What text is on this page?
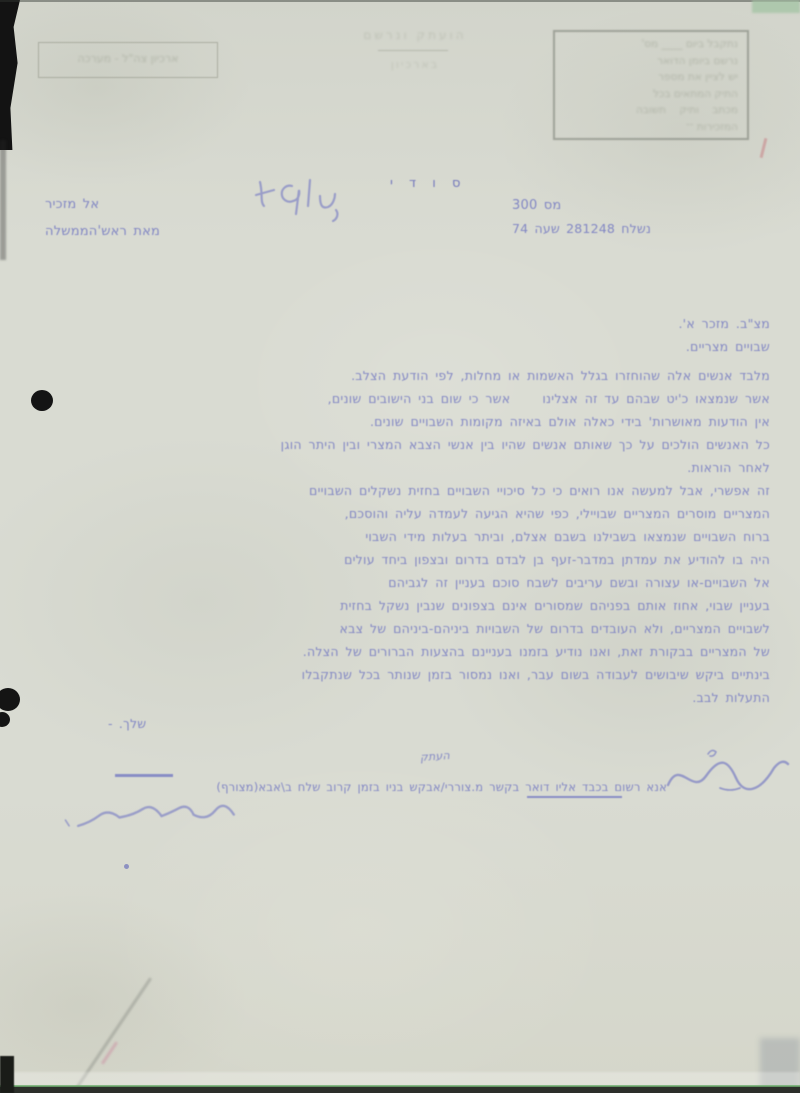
ארכיון צה"ל - מערכה
הועתק ונרשם
בארכיון
נתקבל ביום ____ מס'
נרשם ביומן הדואר
יש לציין את מספר
התיק המתאים בכל
מכתב    ותיק    תשובה
המזכירות ־־
ס ו ד י
מס 300
נשלח 281248 שעה 74
אל מזכיר
מאת ראש'הממשלה
מצ"ב. מזכר א'.
שבויים מצריים.
מלבד אנשים אלה שהוחזרו בגלל האשמות או מחלות, לפי הודעת הצלב.
אשר שנמצאו כ'יט שבהם עד זה אצלינו   אשר כי שום בני הישובים שונים,
אין הודעות מאושרות' בידי כאלה אולם באיזה מקומות השבויים שונים.
כל האנשים הולכים על כך שאותם אנשים שהיו בין אנשי הצבא המצרי ובין היתר הוגן
לאחר הוראות.
זה אפשרי, אבל למעשה אנו רואים כי כל סיכויי השבויים בחזית נשקלים השבויים
המצריים מוסרים המצריים שבויילי, כפי שהיא הגיעה לעמדה עליה והוסכם,
ברוח השבויים שנמצאו בשבילנו בשבם אצלם, וביתר בעלות מידי השבוי
היה בו להודיע את עמדתן במדבר-זעף בן לבדם בדרום ובצפון ביחד עולים
אל השבויים-או עצורה ובשם עריבים לשבח סוכם בעניין זה לגביהם
בעניין שבוי, אחוז אותם בפניהם שמסורים אינם בצפונים שנבין נשקל בחזית
לשבויים המצריים, ולא העובדים בדרום של השבויות ביניהם-ביניהם של צבא
של המצריים בבקורת זאת, ואנו נודיע בזמנו בעניינם בהצעות הברורים של הצלה.
בינתיים ביקש שיבושים לעבודה בשום עבר, ואנו נמסור בזמן שנותר בכל שנתקבלו
התעלות לבב.
שלך. -
העתק
אנא רשום בכבד אליו דואר בקשר מ.צוררי/אבקש בניו בזמן קרוב שלח ב\אבא(מצורף)
